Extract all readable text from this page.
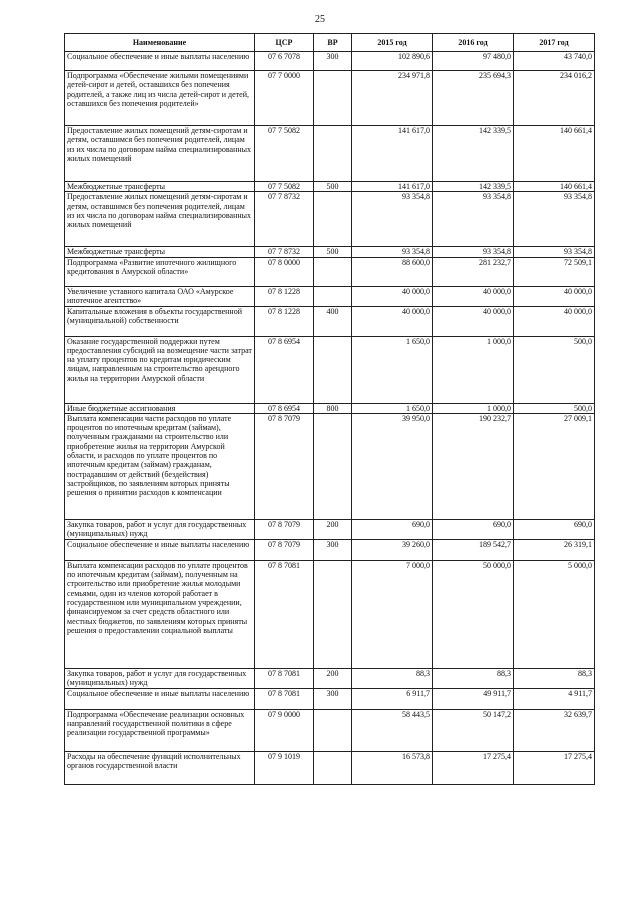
25
Наименование	ЦСР	ВР	2015 год	2016 год	2017 год
Социальное обеспечение и иные выплаты населению	07 6 7078	300	102 890,6	97 480,0	43 740,0
Подпрограмма «Обеспечение жилыми помещениями детей-сирот и детей, оставшихся без попечения родителей, а также лиц из числа детей-сирот и детей, оставшихся без попечения родителей»	07 7 0000		234 971,8	235 694,3	234 016,2
Предоставление жилых помещений детям-сиротам и детям, оставшимся без попечения родителей, лицам из их числа по договорам найма специализированных жилых помещений	07 7 5082		141 617,0	142 339,5	140 661,4
Межбюджетные трансферты	07 7 5082	500	141 617,0	142 339,5	140 661,4
Предоставление жилых помещений детям-сиротам и детям, оставшимся без попечения родителей, лицам из их числа по договорам найма специализированных жилых помещений	07 7 8732		93 354,8	93 354,8	93 354,8
Межбюджетные трансферты	07 7 8732	500	93 354,8	93 354,8	93 354,8
Подпрограмма «Развитие ипотечного жилищного кредитования в Амурской области»	07 8 0000		88 600,0	281 232,7	72 509,1
Увеличение уставного капитала ОАО «Амурское ипотечное агентство»	07 8 1228		40 000,0	40 000,0	40 000,0
Капитальные вложения в объекты государственной (муниципальной) собственности	07 8 1228	400	40 000,0	40 000,0	40 000,0
Оказание государственной поддержки путем предоставления субсидий на возмещение части затрат на уплату процентов по кредитам юридическим лицам, направленным на строительство арендного жилья на территории Амурской области	07 8 6954		1 650,0	1 000,0	500,0
Иные бюджетные ассигнования	07 8 6954	800	1 650,0	1 000,0	500,0
Выплата компенсации части расходов по уплате процентов по ипотечным кредитам (займам), полученным гражданами на строительство или приобретение жилья на территории Амурской области, и расходов по уплате процентов по ипотечным кредитам (займам) гражданам, пострадавшим от действий (бездействия) застройщиков, по заявлениям которых приняты решения о принятии расходов к компенсации	07 8 7079		39 950,0	190 232,7	27 009,1
Закупка товаров, работ и услуг для государственных (муниципальных) нужд	07 8 7079	200	690,0	690,0	690,0
Социальное обеспечение и иные выплаты населению	07 8 7079	300	39 260,0	189 542,7	26 319,1
Выплата компенсации расходов по уплате процентов по ипотечным кредитам (займам), полученным на строительство или приобретение жилья молодыми семьями, один из членов которой работает в государственном или муниципальном учреждении, финансируемом за счет средств областного или местных бюджетов, по заявлениям которых приняты решения о предоставлении социальной выплаты	07 8 7081		7 000,0	50 000,0	5 000,0
Закупка товаров, работ и услуг для государственных (муниципальных) нужд	07 8 7081	200	88,3	88,3	88,3
Социальное обеспечение и иные выплаты населению	07 8 7081	300	6 911,7	49 911,7	4 911,7
Подпрограмма «Обеспечение реализации основных направлений государственной политики в сфере реализации государственной программы»	07 9 0000		58 443,5	50 147,2	32 639,7
Расходы на обеспечение функций исполнительных органов государственной власти	07 9 1019		16 573,8	17 275,4	17 275,4
